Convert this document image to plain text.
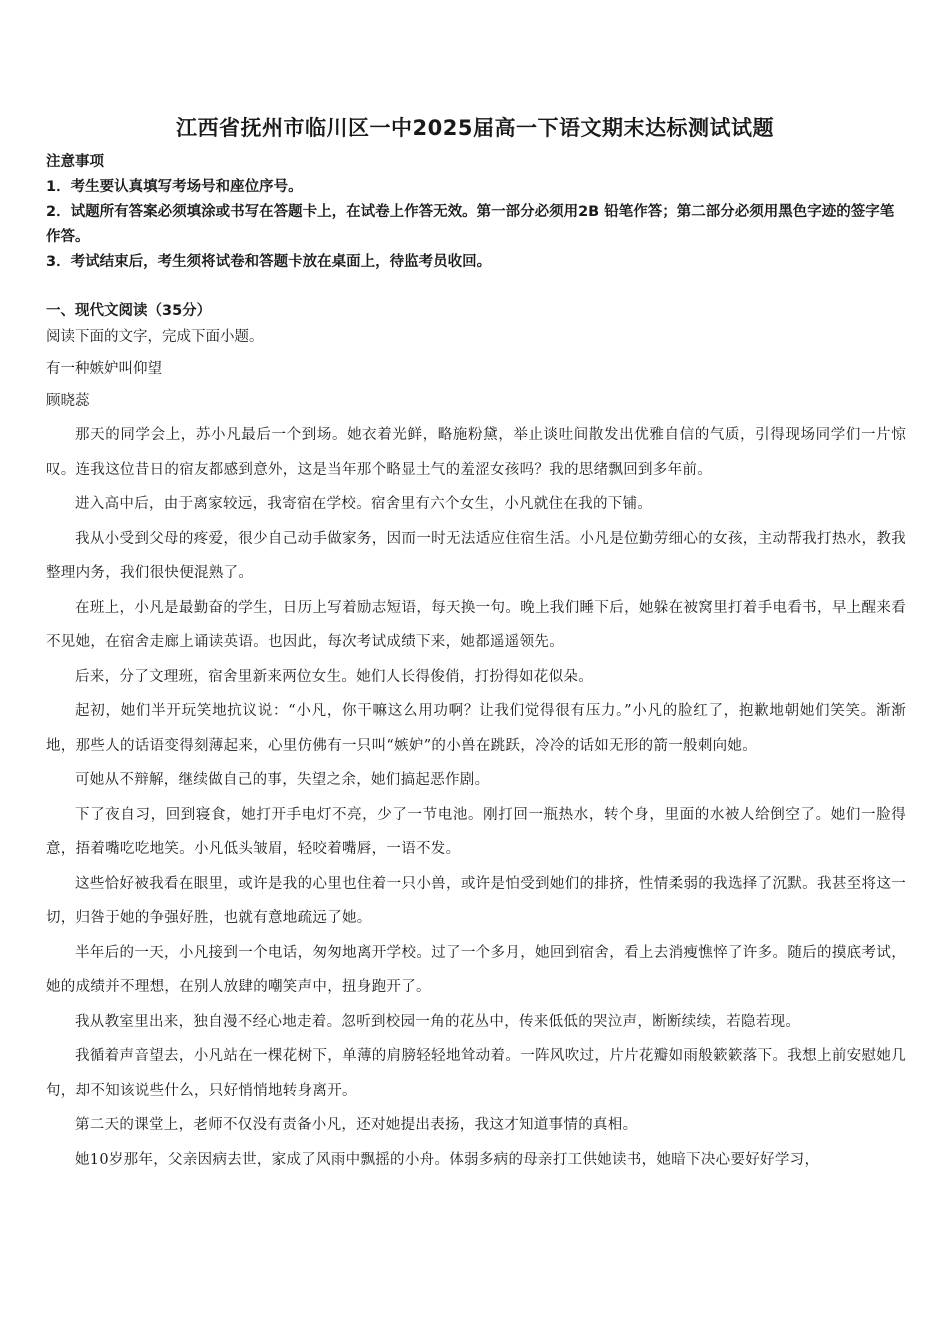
江西省抚州市临川区一中2025届高一下语文期末达标测试试题

注意事项

1．考生要认真填写考场号和座位序号。

2．试题所有答案必须填涂或书写在答题卡上，在试卷上作答无效。第一部分必须用2B 铅笔作答；第二部分必须用黑色字迹的签字笔作答。

3．考试结束后，考生须将试卷和答题卡放在桌面上，待监考员收回。

一、现代文阅读（35分）

阅读下面的文字，完成下面小题。

有一种嫉妒叫仰望

顾晓蕊

那天的同学会上，苏小凡最后一个到场。她衣着光鲜，略施粉黛，举止谈吐间散发出优雅自信的气质，引得现场同学们一片惊叹。连我这位昔日的宿友都感到意外，这是当年那个略显土气的羞涩女孩吗？我的思绪飘回到多年前。

进入高中后，由于离家较远，我寄宿在学校。宿舍里有六个女生，小凡就住在我的下铺。

我从小受到父母的疼爱，很少自己动手做家务，因而一时无法适应住宿生活。小凡是位勤劳细心的女孩，主动帮我打热水，教我整理内务，我们很快便混熟了。

在班上，小凡是最勤奋的学生，日历上写着励志短语，每天换一句。晚上我们睡下后，她躲在被窝里打着手电看书，早上醒来看不见她，在宿舍走廊上诵读英语。也因此，每次考试成绩下来，她都遥遥领先。

后来，分了文理班，宿舍里新来两位女生。她们人长得俊俏，打扮得如花似朵。

起初，她们半开玩笑地抗议说：“小凡，你干嘛这么用功啊？让我们觉得很有压力。”小凡的脸红了，抱歉地朝她们笑笑。渐渐地，那些人的话语变得刻薄起来，心里仿佛有一只叫“嫉妒”的小兽在跳跃，冷冷的话如无形的箭一般刺向她。

可她从不辩解，继续做自己的事，失望之余，她们搞起恶作剧。

下了夜自习，回到寝食，她打开手电灯不亮，少了一节电池。刚打回一瓶热水，转个身，里面的水被人给倒空了。她们一脸得意，捂着嘴吃吃地笑。小凡低头皱眉，轻咬着嘴唇，一语不发。

这些恰好被我看在眼里，或许是我的心里也住着一只小兽，或许是怕受到她们的排挤，性情柔弱的我选择了沉默。我甚至将这一切，归咎于她的争强好胜，也就有意地疏远了她。

半年后的一天，小凡接到一个电话，匆匆地离开学校。过了一个多月，她回到宿舍，看上去消瘦憔悴了许多。随后的摸底考试，她的成绩并不理想，在别人放肆的嘲笑声中，扭身跑开了。

我从教室里出来，独自漫不经心地走着。忽听到校园一角的花丛中，传来低低的哭泣声，断断续续，若隐若现。

我循着声音望去，小凡站在一棵花树下，单薄的肩膀轻轻地耸动着。一阵风吹过，片片花瓣如雨般簌簌落下。我想上前安慰她几句，却不知该说些什么，只好悄悄地转身离开。

第二天的课堂上，老师不仅没有责备小凡，还对她提出表扬，我这才知道事情的真相。

她10岁那年，父亲因病去世，家成了风雨中飘摇的小舟。体弱多病的母亲打工供她读书，她暗下决心要好好学习，
